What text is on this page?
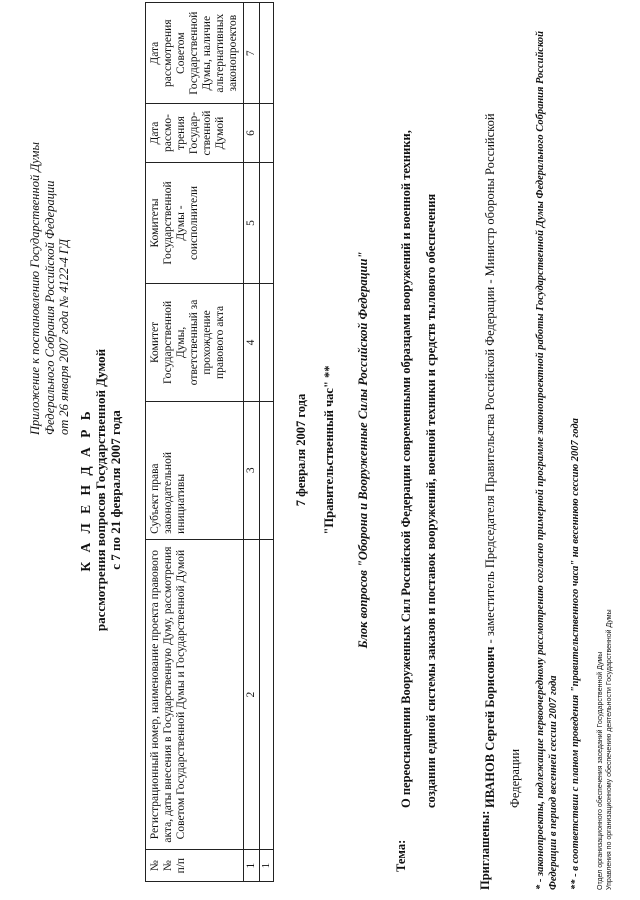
Приложение к постановлению Государственной Думы Федерального Собрания Российской Федерации от 26 января 2007 года № 4122-4 ГД
К А Л Е Н Д А Р Ь рассмотрения вопросов Государственной Думой с 7 по 21 февраля 2007 года
№№ п/п	Регистрационный номер, наименование проекта правового акта, даты внесения в Государственную Думу, рассмотрения Советом Государственной Думы и Государственной Думой	Субъект права законодательной инициативы	Комитет Государственной Думы, ответственный за прохождение правового акта	Комитеты Государственной Думы - соисполнители	Дата рассмо-трения Государ-ственной Думой	Дата рассмотрения Советом Государственной Думы, наличие альтернативных законопроектов
1	2	3	4	5	6	7
1						
7 февраля 2007 года "Правительственный час" ** Блок вопросов "Оборона и Вооруженные Силы Российской Федерации"
Тема:
О переоснащении Вооруженных Сил Российской Федерации современными образцами вооружений и военной техники, создании единой системы заказов и поставок вооружений, военной техники и средств тылового обеспечения
Приглашены:
ИВАНОВ Сергей Борисович - заместитель Председателя Правительства Российской Федерации - Министр обороны Российской Федерации	* - законопроекты, подлежащие первоочередному рассмотрению согласно примерной программе законопроектной работы Государственной Думы Федерального Собрания Российской Федерации в период весенней сессии 2007 года ** - в соответствии с планом проведения "правительственного часа" на весеннюю сессию 2007 года Отдел организационного обеспечения заседаний Государственной Думы Управления по организационному обеспечению деятельности Государственной Думы
